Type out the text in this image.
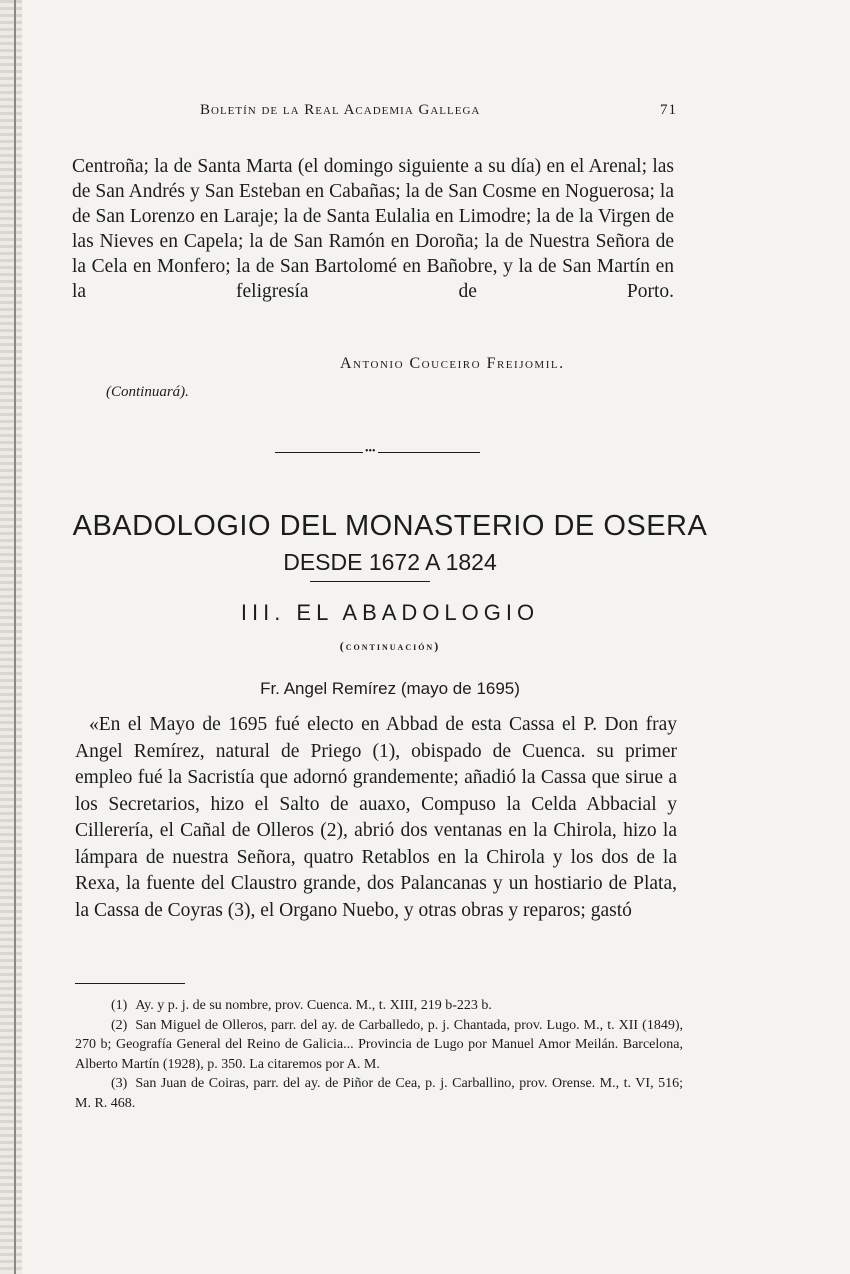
Boletín de la Real Academia Gallega	71
Centroña; la de Santa Marta (el domingo siguiente a su día) en el Arenal; las de San Andrés y San Esteban en Cabañas; la de San Cosme en Noguerosa; la de San Lorenzo en Laraje; la de Santa Eulalia en Limodre; la de la Virgen de las Nieves en Capela; la de San Ramón en Doroña; la de Nuestra Señora de la Cela en Monfero; la de San Bartolomé en Bañobre, y la de San Martín en la feligresía de Porto.
Antonio Couceiro Freijomil.
(Continuará).
•••
ABADOLOGIO DEL MONASTERIO DE OSERA
DESDE 1672 A 1824
III. EL ABADOLOGIO
(continuación)
Fr. Angel Remírez (mayo de 1695)
«En el Mayo de 1695 fué electo en Abbad de esta Cassa el P. Don fray Angel Remírez, natural de Priego (1), obispado de Cuenca. su primer empleo fué la Sacristía que adornó grandemente; añadió la Cassa que sirue a los Secretarios, hizo el Salto de auaxo, Compuso la Celda Abbacial y Cillerería, el Cañal de Olleros (2), abrió dos ventanas en la Chirola, hizo la lámpara de nuestra Señora, quatro Retablos en la Chirola y los dos de la Rexa, la fuente del Claustro grande, dos Palancanas y un hostiario de Plata, la Cassa de Coyras (3), el Organo Nuebo, y otras obras y reparos; gastó

(1) Ay. y p. j. de su nombre, prov. Cuenca. M., t. XIII, 219 b-223 b.

(2) San Miguel de Olleros, parr. del ay. de Carballedo, p. j. Chantada, prov. Lugo. M., t. XII (1849), 270 b; Geografía General del Reino de Galicia... Provincia de Lugo por Manuel Amor Meilán. Barcelona, Alberto Martín (1928), p. 350. La citaremos por A. M.

(3) San Juan de Coiras, parr. del ay. de Piñor de Cea, p. j. Carballino, prov. Orense. M., t. VI, 516; M. R. 468.
